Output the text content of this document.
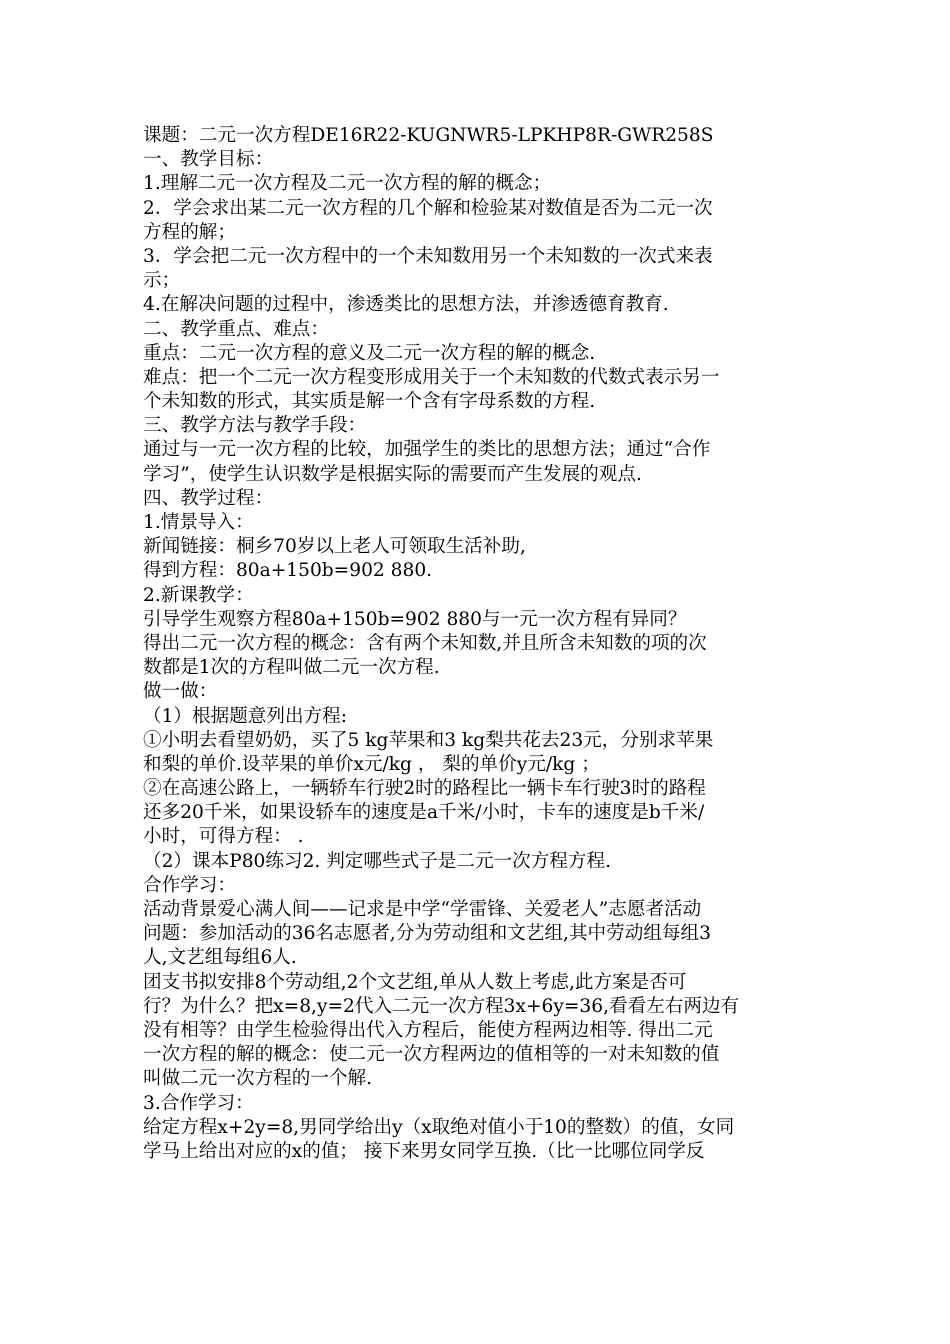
课题：二元一次方程DE16R22-KUGNWR5-LPKHP8R-GWR258S
一、教学目标：
1.理解二元一次方程及二元一次方程的解的概念；
2．学会求出某二元一次方程的几个解和检验某对数值是否为二元一次
方程的解；
3．学会把二元一次方程中的一个未知数用另一个未知数的一次式来表
示；
4.在解决问题的过程中，渗透类比的思想方法，并渗透德育教育.
二、教学重点、难点：
重点：二元一次方程的意义及二元一次方程的解的概念.
难点：把一个二元一次方程变形成用关于一个未知数的代数式表示另一
个未知数的形式，其实质是解一个含有字母系数的方程.
三、教学方法与教学手段：
通过与一元一次方程的比较，加强学生的类比的思想方法；通过“合作
学习”，使学生认识数学是根据实际的需要而产生发展的观点.
四、教学过程：
1.情景导入：
新闻链接：桐乡70岁以上老人可领取生活补助,
得到方程：80a+150b=902 880.
2.新课教学：
引导学生观察方程80a+150b=902 880与一元一次方程有异同？
得出二元一次方程的概念：含有两个未知数,并且所含未知数的项的次
数都是1次的方程叫做二元一次方程.
做一做：
（1）根据题意列出方程:
①小明去看望奶奶，买了5 kg苹果和3 kg梨共花去23元，分别求苹果
和梨的单价.设苹果的单价x元/kg ， 梨的单价y元/kg ；
②在高速公路上，一辆轿车行驶2时的路程比一辆卡车行驶3时的路程
还多20千米，如果设轿车的速度是a千米/小时，卡车的速度是b千米/
小时，可得方程： .
（2）课本P80练习2. 判定哪些式子是二元一次方程方程.
合作学习：
活动背景爱心满人间——记求是中学“学雷锋、关爱老人”志愿者活动
问题：参加活动的36名志愿者,分为劳动组和文艺组,其中劳动组每组3
人,文艺组每组6人.
团支书拟安排8个劳动组,2个文艺组,单从人数上考虑,此方案是否可
行？为什么？把x=8,y=2代入二元一次方程3x+6y=36,看看左右两边有
没有相等？由学生检验得出代入方程后，能使方程两边相等. 得出二元
一次方程的解的概念：使二元一次方程两边的值相等的一对未知数的值
叫做二元一次方程的一个解.
3.合作学习：
给定方程x+2y=8,男同学给出y（x取绝对值小于10的整数）的值，女同
学马上给出对应的x的值； 接下来男女同学互换.（比一比哪位同学反
